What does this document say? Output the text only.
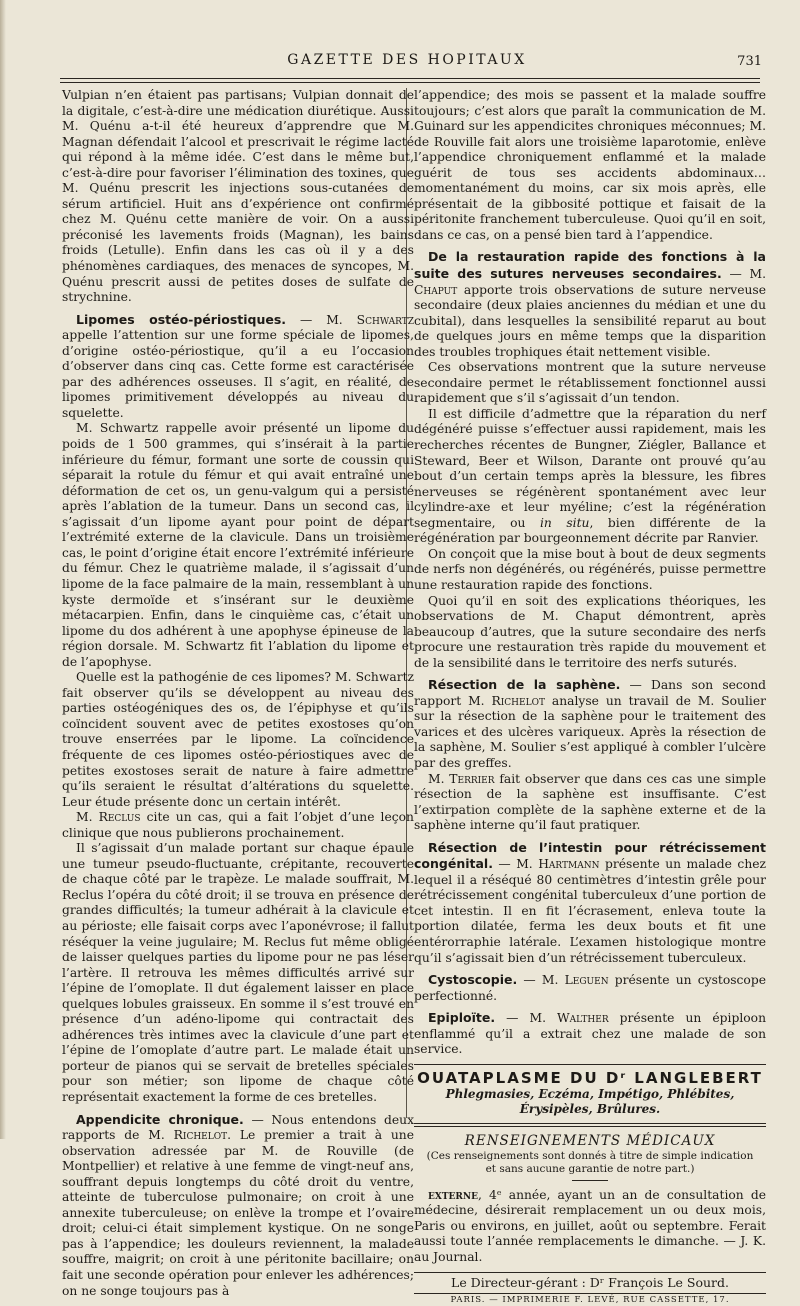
GAZETTE DES HOPITAUX	731

Vulpian n’en étaient pas partisans; Vulpian donnait de la digitale, c’est-à-dire une médication diurétique. Aussi M. Quénu a-t-il été heureux d’apprendre que M. Magnan défendait l’alcool et prescrivait le régime lacté qui répond à la même idée. C’est dans le même but, c’est-à-dire pour favoriser l’élimination des toxines, que M. Quénu prescrit les injections sous-cutanées de sérum artificiel. Huit ans d’expérience ont confirmé chez M. Quénu cette manière de voir. On a aussi préconisé les lavements froids (Magnan), les bains froids (Letulle). Enfin dans les cas où il y a des phénomènes cardiaques, des menaces de syncopes, M. Quénu prescrit aussi de petites doses de sulfate de strychnine.

Lipomes ostéo-périostiques. — M. Schwartz appelle l’attention sur une forme spéciale de lipomes, d’origine ostéo-périostique, qu’il a eu l’occasion d’observer dans cinq cas. Cette forme est caractérisée par des adhérences osseuses. Il s’agit, en réalité, de lipomes primitivement développés au niveau du squelette.

M. Schwartz rappelle avoir présenté un lipome du poids de 1 500 grammes, qui s’insérait à la partie inférieure du fémur, formant une sorte de coussin qui séparait la rotule du fémur et qui avait entraîné une déformation de cet os, un genu-valgum qui a persisté après l’ablation de la tumeur. Dans un second cas, il s’agissait d’un lipome ayant pour point de départ l’extrémité externe de la clavicule. Dans un troisième cas, le point d’origine était encore l’extrémité inférieure du fémur. Chez le quatrième malade, il s’agissait d’un lipome de la face palmaire de la main, ressemblant à un kyste dermoïde et s’insérant sur le deuxième métacarpien. Enfin, dans le cinquième cas, c’était un lipome du dos adhérent à une apophyse épineuse de la région dorsale. M. Schwartz fit l’ablation du lipome et de l’apophyse.

Quelle est la pathogénie de ces lipomes? M. Schwartz fait observer qu’ils se développent au niveau des parties ostéogéniques des os, de l’épiphyse et qu’ils coïncident souvent avec de petites exostoses qu’on trouve enserrées par le lipome. La coïncidence fréquente de ces lipomes ostéo-périostiques avec de petites exostoses serait de nature à faire admettre qu’ils seraient le résultat d’altérations du squelette. Leur étude présente donc un certain intérêt.

M. Reclus cite un cas, qui a fait l’objet d’une leçon clinique que nous publierons prochainement.

Il s’agissait d’un malade portant sur chaque épaule une tumeur pseudo-fluctuante, crépitante, recouverte de chaque côté par le trapèze. Le malade souffrait, M. Reclus l’opéra du côté droit; il se trouva en présence de grandes difficultés; la tumeur adhérait à la clavicule et au périoste; elle faisait corps avec l’aponévrose; il fallut réséquer la veine jugulaire; M. Reclus fut même obligé de laisser quelques parties du lipome pour ne pas léser l’artère. Il retrouva les mêmes difficultés arrivé sur l’épine de l’omoplate. Il dut également laisser en place quelques lobules graisseux. En somme il s’est trouvé en présence d’un adéno-lipome qui contractait des adhérences très intimes avec la clavicule d’une part et l’épine de l’omoplate d’autre part. Le malade était un porteur de pianos qui se servait de bretelles spéciales pour son métier; son lipome de chaque côté représentait exactement la forme de ces bretelles.

Appendicite chronique. — Nous entendons deux rapports de M. Richelot. Le premier a trait à une observation adressée par M. de Rouville (de Montpellier) et relative à une femme de vingt-neuf ans, souffrant depuis longtemps du côté droit du ventre, atteinte de tuberculose pulmonaire; on croit à une annexite tuberculeuse; on enlève la trompe et l’ovaire droit; celui-ci était simplement kystique. On ne songe pas à l’appendice; les douleurs reviennent, la malade souffre, maigrit; on croit à une péritonite bacillaire; on fait une seconde opération pour enlever les adhérences; on ne songe toujours pas à

l’appendice; des mois se passent et la malade souffre toujours; c’est alors que paraît la communication de M. Guinard sur les appendicites chroniques méconnues; M. de Rouville fait alors une troisième laparotomie, enlève l’appendice chroniquement enflammé et la malade guérit de tous ses accidents abdominaux… momentanément du moins, car six mois après, elle présentait de la gibbosité pottique et faisait de la péritonite franchement tuberculeuse. Quoi qu’il en soit, dans ce cas, on a pensé bien tard à l’appendice.

De la restauration rapide des fonctions à la suite des sutures nerveuses secondaires. — M. Chaput apporte trois observations de suture nerveuse secondaire (deux plaies anciennes du médian et une du cubital), dans lesquelles la sensibilité reparut au bout de quelques jours en même temps que la disparition des troubles trophiques était nettement visible.

Ces observations montrent que la suture nerveuse secondaire permet le rétablissement fonctionnel aussi rapidement que s’il s’agissait d’un tendon.

Il est difficile d’admettre que la réparation du nerf dégénéré puisse s’effectuer aussi rapidement, mais les recherches récentes de Bungner, Ziégler, Ballance et Steward, Beer et Wilson, Darante ont prouvé qu’au bout d’un certain temps après la blessure, les fibres nerveuses se régénèrent spontanément avec leur cylindre-axe et leur myéline; c’est la régénération segmentaire, ou in situ, bien différente de la régénération par bourgeonnement décrite par Ranvier.

On conçoit que la mise bout à bout de deux segments de nerfs non dégénérés, ou régénérés, puisse permettre une restauration rapide des fonctions.

Quoi qu’il en soit des explications théoriques, les observations de M. Chaput démontrent, après beaucoup d’autres, que la suture secondaire des nerfs procure une restauration très rapide du mouvement et de la sensibilité dans le territoire des nerfs suturés.

Résection de la saphène. — Dans son second rapport M. Richelot analyse un travail de M. Soulier sur la résection de la saphène pour le traitement des varices et des ulcères variqueux. Après la résection de la saphène, M. Soulier s’est appliqué à combler l’ulcère par des greffes.

M. Terrier fait observer que dans ces cas une simple résection de la saphène est insuffisante. C’est l’extirpation complète de la saphène externe et de la saphène interne qu’il faut pratiquer.

Résection de l’intestin pour rétrécissement congénital. — M. Hartmann présente un malade chez lequel il a réséqué 80 centimètres d’intestin grêle pour rétrécissement congénital tuberculeux d’une portion de cet intestin. Il en fit l’écrasement, enleva toute la portion dilatée, ferma les deux bouts et fit une entérorraphie latérale. L’examen histologique montre qu’il s’agissait bien d’un rétrécissement tuberculeux.

Cystoscopie. — M. Leguen présente un cystoscope perfectionné.

Epiploïte. — M. Walther présente un épiploon enflammé qu’il a extrait chez une malade de son service.

OUATAPLASME DU Dʳ LANGLEBERT
Phlegmasies, Eczéma, Impétigo, Phlébites, Érysipèles, Brûlures.
RENSEIGNEMENTS MÉDICAUX
(Ces renseignements sont donnés à titre de simple indication
et sans aucune garantie de notre part.)

externe, 4ᵉ année, ayant un an de consultation de médecine, désirerait remplacement un ou deux mois, Paris ou environs, en juillet, août ou septembre. Ferait aussi toute l’année remplacements le dimanche. — J. K. au Journal.

Le Directeur-gérant : Dʳ François Le Sourd.
PARIS. — IMPRIMERIE F. LEVÉ, RUE CASSETTE, 17.
